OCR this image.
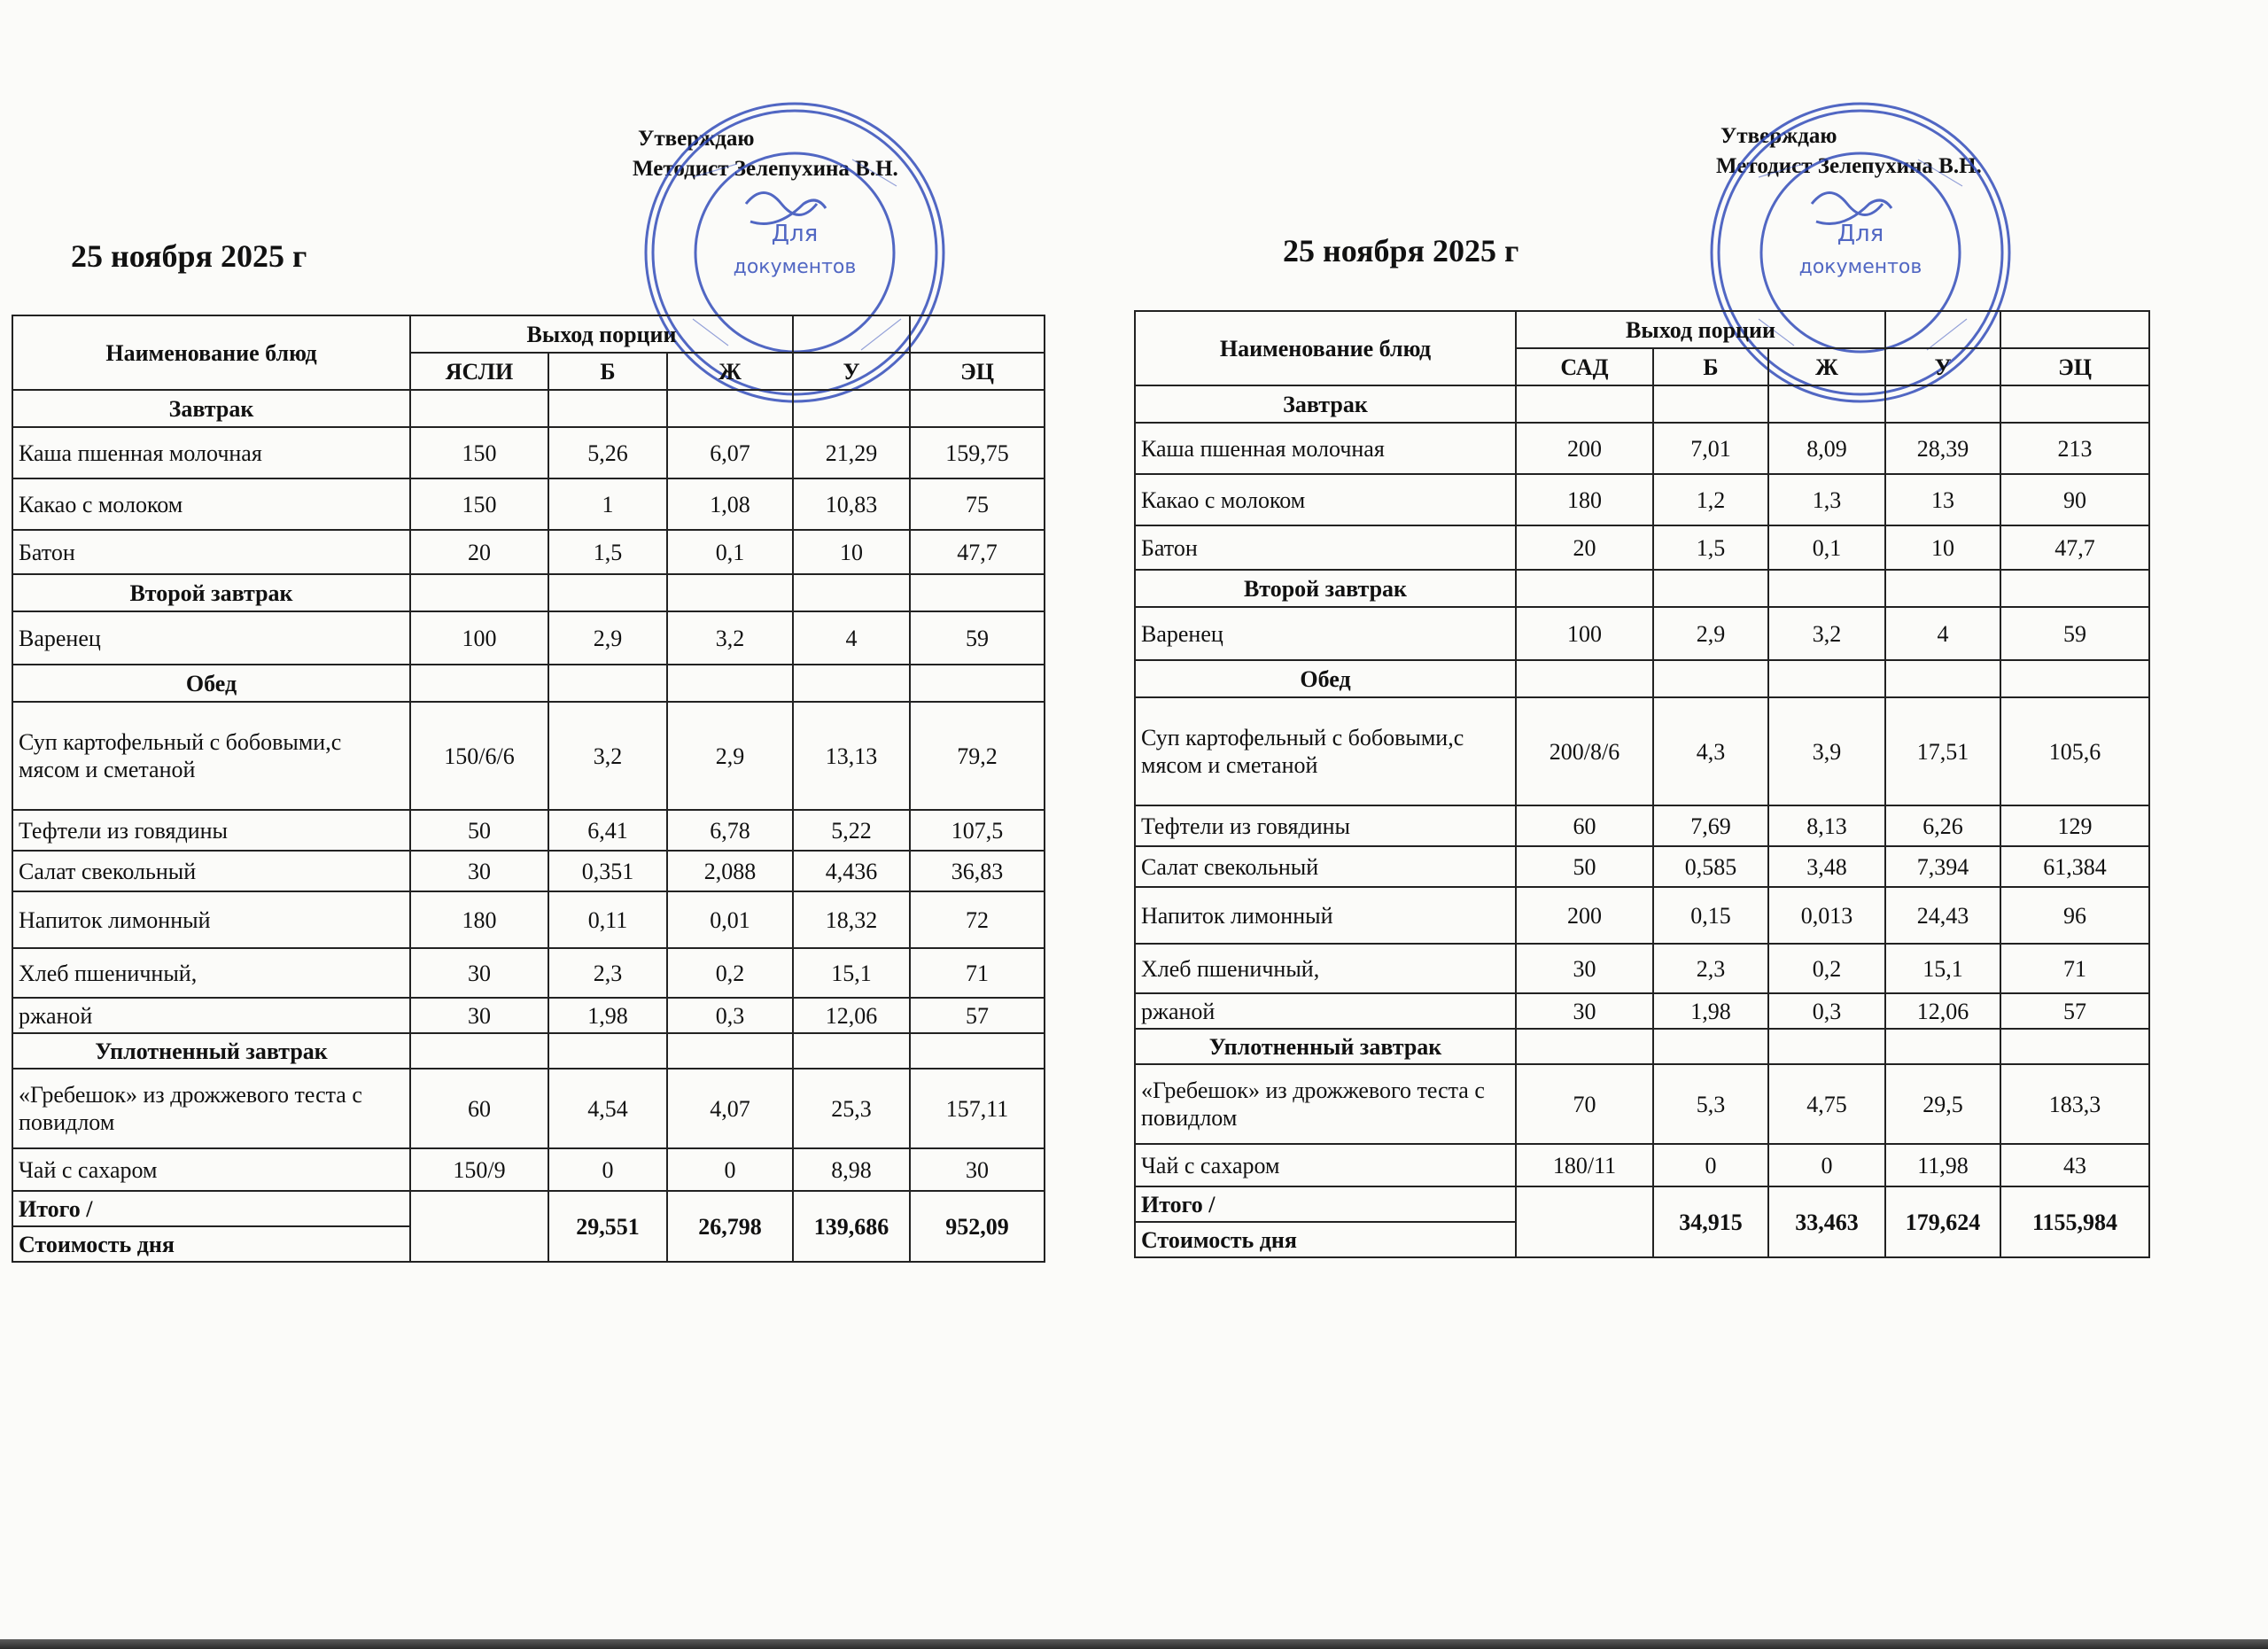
Утверждаю
Методист Зелепухина В.Н.
25 ноября 2025 г
Для
документов
Наименование блюд	Выход порции				
	ЯСЛИ	Б	Ж	У	ЭЦ
Завтрак					
Каша пшенная молочная	150	5,26	6,07	21,29	159,75
Какао с молоком	150	1	1,08	10,83	75
Батон	20	1,5	0,1	10	47,7
Второй завтрак					
Варенец	100	2,9	3,2	4	59
Обед					
Суп картофельный с бобовыми,с мясом и сметаной	150/6/6	3,2	2,9	13,13	79,2
Тефтели из говядины	50	6,41	6,78	5,22	107,5
Салат свекольный	30	0,351	2,088	4,436	36,83
Напиток лимонный	180	0,11	0,01	18,32	72
Хлеб пшеничный,	30	2,3	0,2	15,1	71
ржаной	30	1,98	0,3	12,06	57
Уплотненный завтрак					
«Гребешок» из дрожжевого теста с повидлом	60	4,54	4,07	25,3	157,11
Чай с сахаром	150/9	0	0	8,98	30
Итого /		29,551	26,798	139,686	952,09
Стоимость дня					
Утверждаю
Методист Зелепухина В.Н.
25 ноября 2025 г	Для
документов
Наименование блюд	Выход порции				
	САД	Б	Ж	У	ЭЦ
Завтрак					
Каша пшенная молочная	200	7,01	8,09	28,39	213
Какао с молоком	180	1,2	1,3	13	90
Батон	20	1,5	0,1	10	47,7
Второй завтрак					
Варенец	100	2,9	3,2	4	59
Обед					
Суп картофельный с бобовыми,с мясом и сметаной	200/8/6	4,3	3,9	17,51	105,6
Тефтели из говядины	60	7,69	8,13	6,26	129
Салат свекольный	50	0,585	3,48	7,394	61,384
Напиток лимонный	200	0,15	0,013	24,43	96
Хлеб пшеничный,	30	2,3	0,2	15,1	71
ржаной	30	1,98	0,3	12,06	57
Уплотненный завтрак					
«Гребешок» из дрожжевого теста с повидлом	70	5,3	4,75	29,5	183,3
Чай с сахаром	180/11	0	0	11,98	43
Итого /		34,915	33,463	179,624	1155,984
Стоимость дня					
